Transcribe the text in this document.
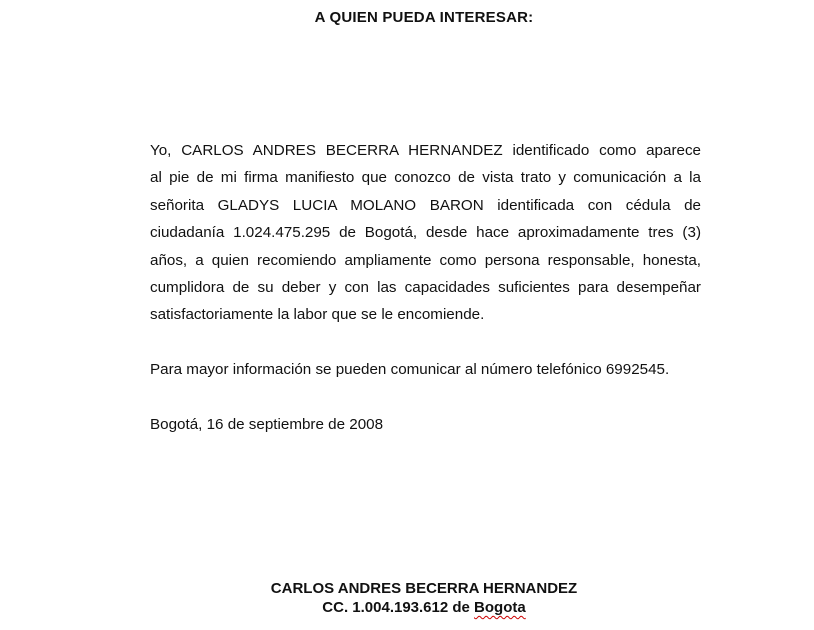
A QUIEN PUEDA INTERESAR:
Yo, CARLOS ANDRES BECERRA HERNANDEZ identificado como aparece
al pie de mi firma manifiesto que conozco de vista trato y comunicación a la
señorita GLADYS LUCIA MOLANO BARON identificada con cédula de
ciudadanía 1.024.475.295 de Bogotá, desde hace aproximadamente tres (3)
años, a quien recomiendo ampliamente como persona responsable, honesta,
cumplidora de su deber y con las capacidades suficientes para desempeñar
satisfactoriamente la labor que se le encomiende.
Para mayor información se pueden comunicar al número telefónico 6992545.
Bogotá, 16 de septiembre de 2008
CARLOS ANDRES BECERRA HERNANDEZ
CC. 1.004.193.612 de Bogota
